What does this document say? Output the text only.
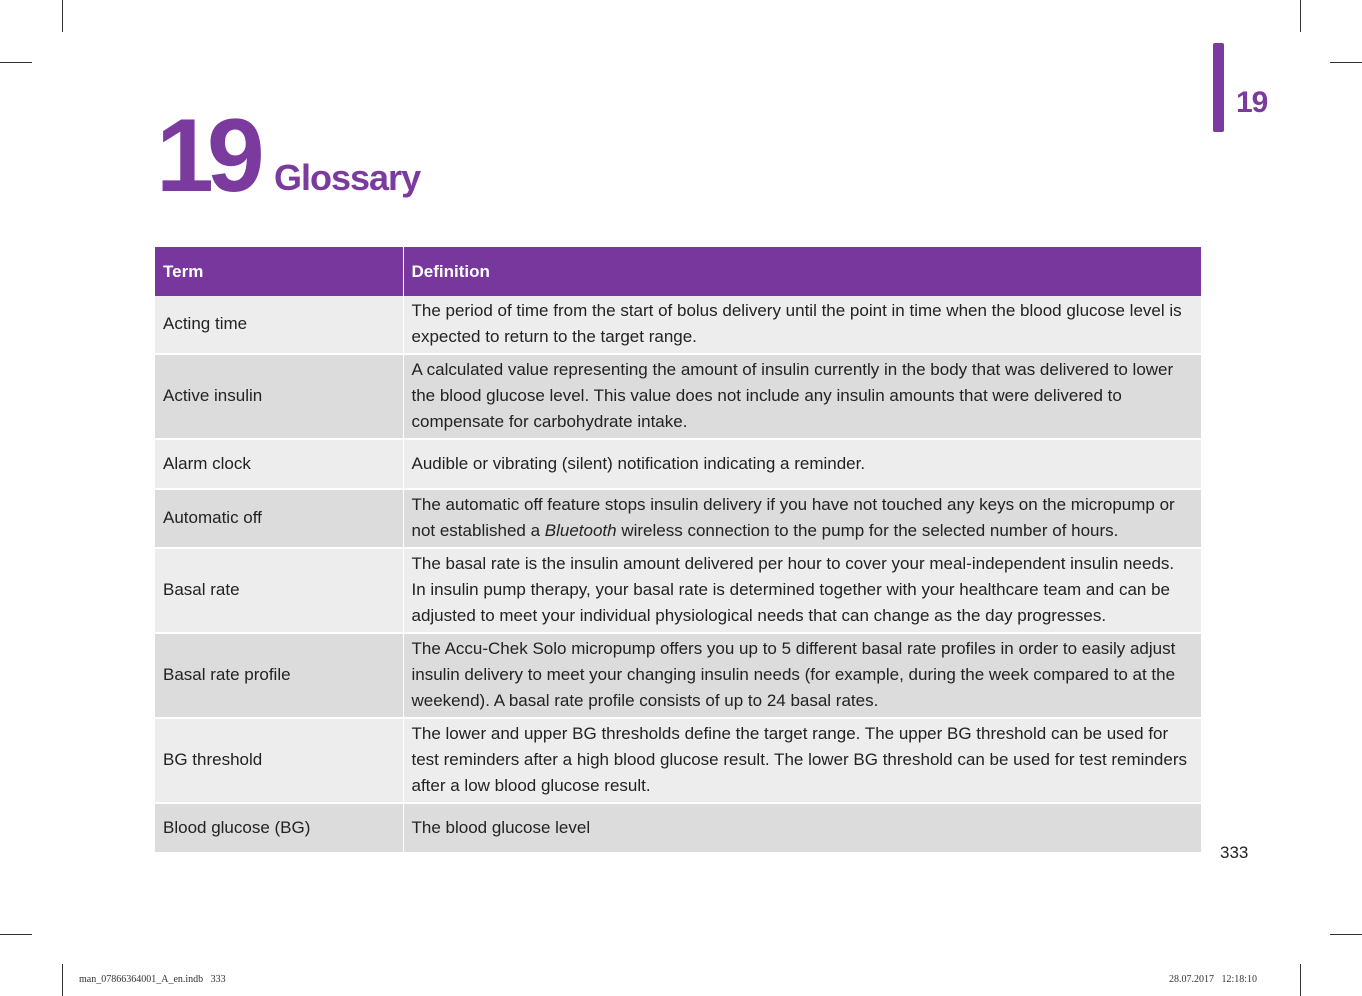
19
19 Glossary
Term	Definition
Acting time	The period of time from the start of bolus delivery until the point in time when the blood glucose level is expected to return to the target range.
Active insulin	A calculated value representing the amount of insulin currently in the body that was delivered to lower the blood glucose level. This value does not include any insulin amounts that were delivered to compensate for carbohydrate intake.
Alarm clock	Audible or vibrating (silent) notification indicating a reminder.
Automatic off	The automatic off feature stops insulin delivery if you have not touched any keys on the micropump or not established a Bluetooth wireless connection to the pump for the selected number of hours.
Basal rate	The basal rate is the insulin amount delivered per hour to cover your meal-independent insulin needs. In insulin pump therapy, your basal rate is determined together with your healthcare team and can be adjusted to meet your individual physiological needs that can change as the day progresses.
Basal rate profile	The Accu-Chek Solo micropump offers you up to 5 different basal rate profiles in order to easily adjust insulin delivery to meet your changing insulin needs (for example, during the week compared to at the weekend). A basal rate profile consists of up to 24 basal rates.
BG threshold	The lower and upper BG thresholds define the target range. The upper BG threshold can be used for test reminders after a high blood glucose result. The lower BG threshold can be used for test reminders after a low blood glucose result.
Blood glucose (BG)	The blood glucose level
333
man_07866364001_A_en.indb   333	28.07.2017   12:18:10
